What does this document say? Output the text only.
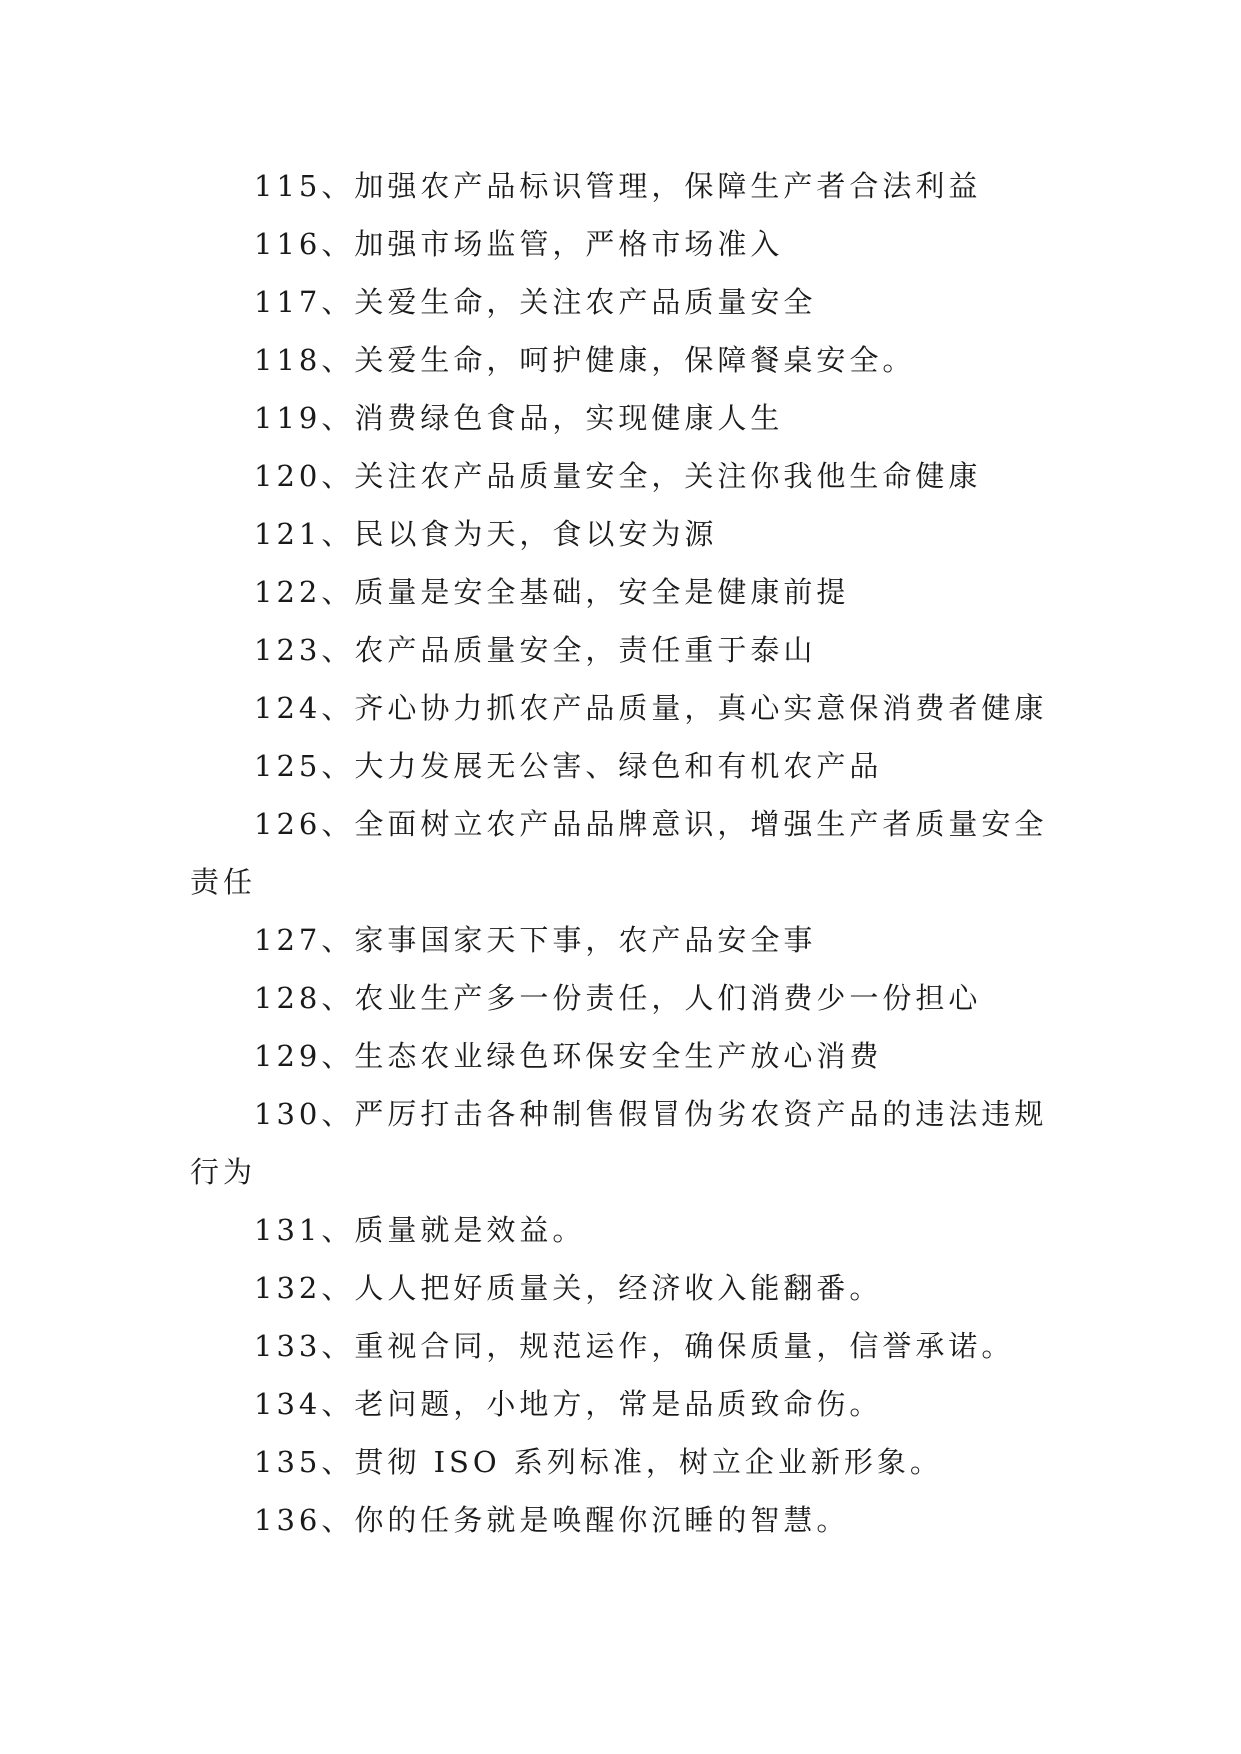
115、加强农产品标识管理，保障生产者合法利益

116、加强市场监管，严格市场准入

117、关爱生命，关注农产品质量安全

118、关爱生命，呵护健康，保障餐桌安全。

119、消费绿色食品，实现健康人生

120、关注农产品质量安全，关注你我他生命健康

121、民以食为天，食以安为源

122、质量是安全基础，安全是健康前提

123、农产品质量安全，责任重于泰山

124、齐心协力抓农产品质量，真心实意保消费者健康

125、大力发展无公害、绿色和有机农产品

126、全面树立农产品品牌意识，增强生产者质量安全责任

127、家事国家天下事，农产品安全事

128、农业生产多一份责任，人们消费少一份担心

129、生态农业绿色环保安全生产放心消费

130、严厉打击各种制售假冒伪劣农资产品的违法违规行为

131、质量就是效益。

132、人人把好质量关，经济收入能翻番。

133、重视合同，规范运作，确保质量，信誉承诺。

134、老问题，小地方，常是品质致命伤。

135、贯彻 ISO 系列标准，树立企业新形象。

136、你的任务就是唤醒你沉睡的智慧。
